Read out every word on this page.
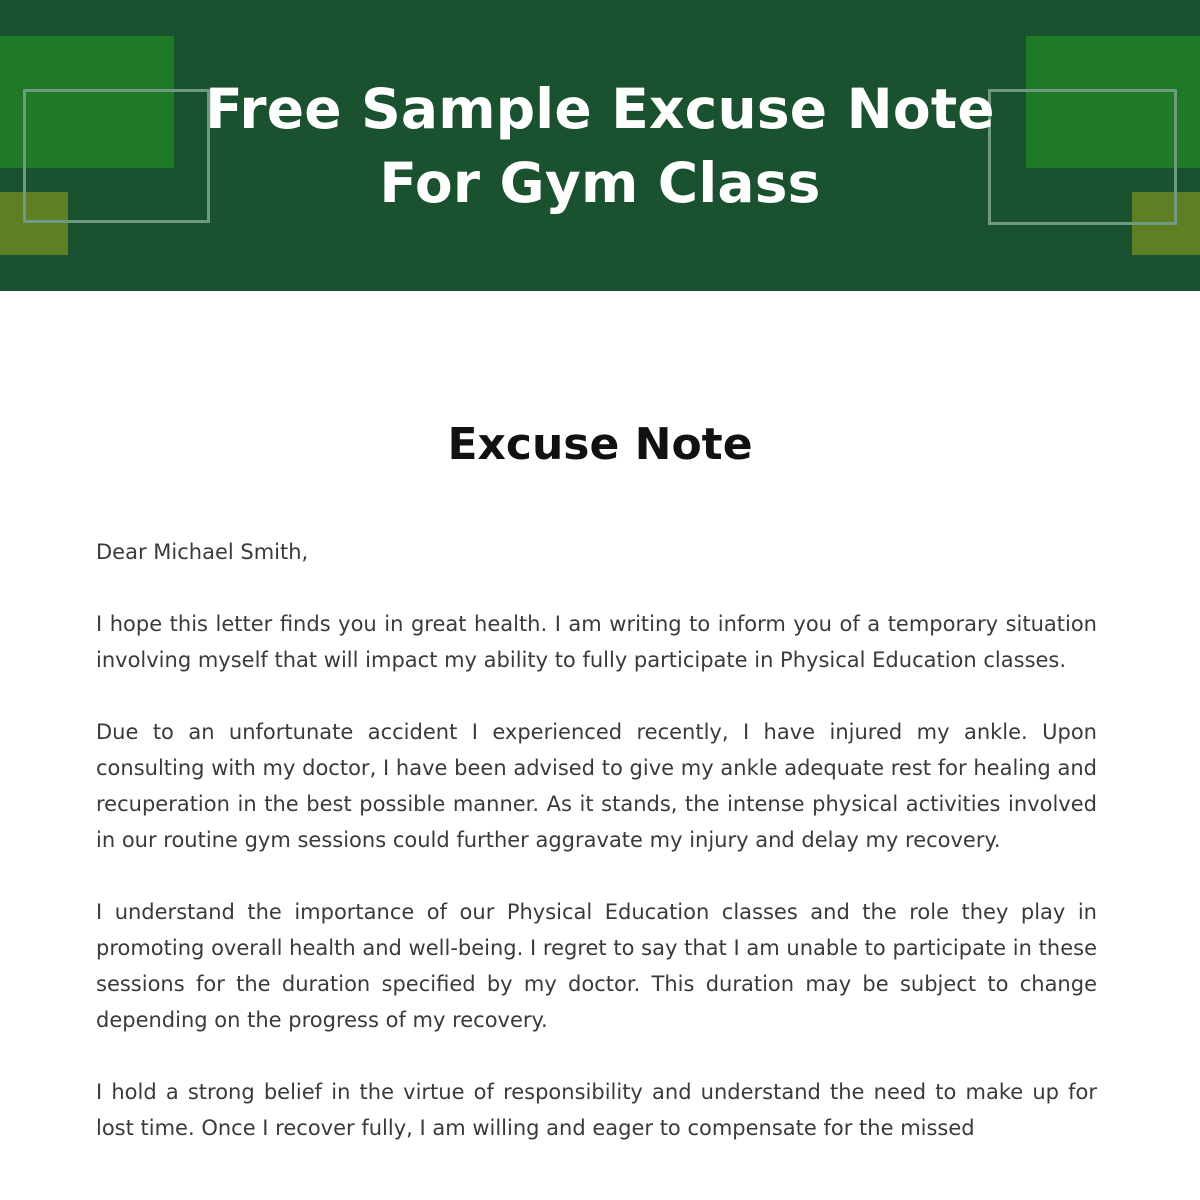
Free Sample Excuse Note
For Gym Class
Excuse Note

Dear Michael Smith,

I hope this letter finds you in great health. I am writing to inform you of a temporary situation involving myself that will impact my ability to fully participate in Physical Education classes.

Due to an unfortunate accident I experienced recently, I have injured my ankle. Upon consulting with my doctor, I have been advised to give my ankle adequate rest for healing and recuperation in the best possible manner. As it stands, the intense physical activities involved in our routine gym sessions could further aggravate my injury and delay my recovery.

I understand the importance of our Physical Education classes and the role they play in promoting overall health and well-being. I regret to say that I am unable to participate in these sessions for the duration specified by my doctor. This duration may be subject to change depending on the progress of my recovery.

I hold a strong belief in the virtue of responsibility and understand the need to make up for lost time. Once I recover fully, I am willing and eager to compensate for the missed
